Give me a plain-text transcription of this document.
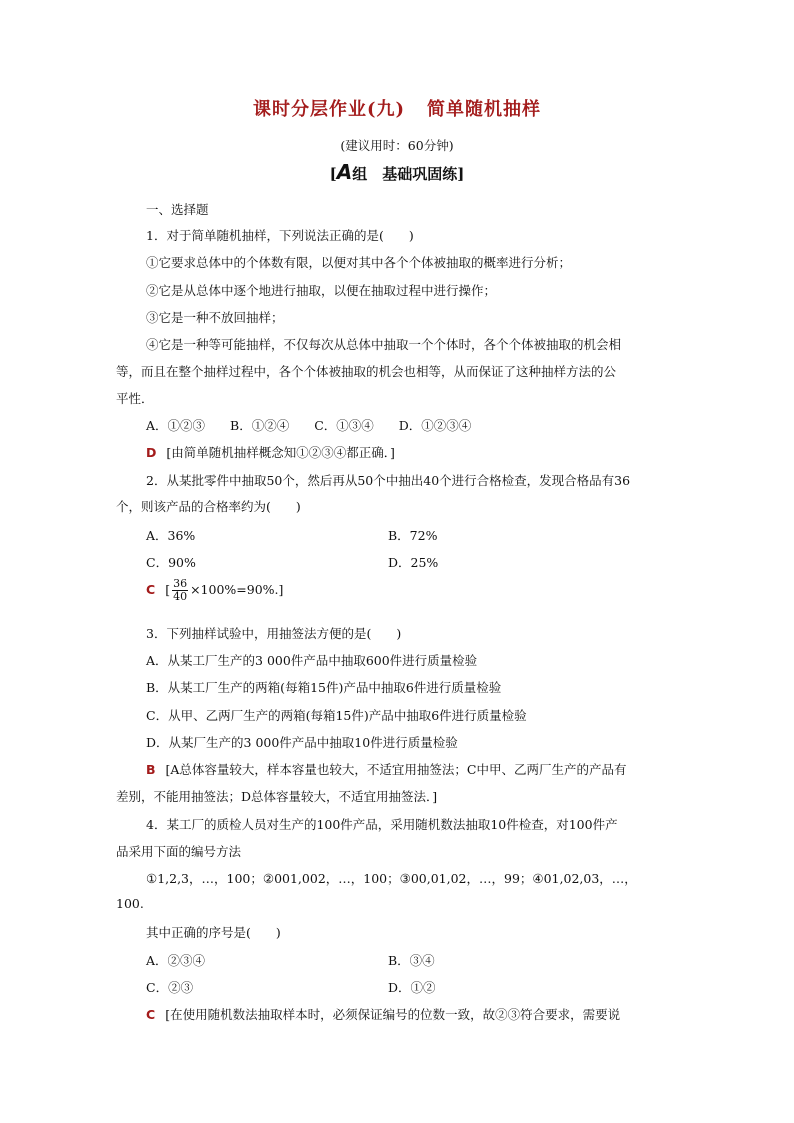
课时分层作业(九) 简单随机抽样
(建议用时：60分钟)
[A组　基础巩固练]
一、选择题
1．对于简单随机抽样，下列说法正确的是(　　)
①它要求总体中的个体数有限，以便对其中各个个体被抽取的概率进行分析；
②它是从总体中逐个地进行抽取，以便在抽取过程中进行操作；
③它是一种不放回抽样；
④它是一种等可能抽样，不仅每次从总体中抽取一个个体时，各个个体被抽取的机会相
等，而且在整个抽样过程中，各个个体被抽取的机会也相等，从而保证了这种抽样方法的公
平性．
A．①②③　　B．①②④　　C．①③④　　D．①②③④
D [由简单随机抽样概念知①②③④都正确．]
2．从某批零件中抽取50个，然后再从50个中抽出40个进行合格检查，发现合格品有36
个，则该产品的合格率约为(　　)
A．36%	B．72%
C．90%	D．25%
C [ $\frac{36}{40} \times 100\%=90\%$.]
3．下列抽样试验中，用抽签法方便的是(　　)
A．从某工厂生产的3 000件产品中抽取600件进行质量检验
B．从某工厂生产的两箱(每箱15件)产品中抽取6件进行质量检验
C．从甲、乙两厂生产的两箱(每箱15件)产品中抽取6件进行质量检验
D．从某厂生产的3 000件产品中抽取10件进行质量检验
B [A总体容量较大，样本容量也较大，不适宜用抽签法；C中甲、乙两厂生产的产品有
差别，不能用抽签法；D总体容量较大，不适宜用抽签法．]
4．某工厂的质检人员对生产的100件产品，采用随机数法抽取10件检查，对100件产
品采用下面的编号方法
①1,2,3，…，100；②001,002，…，100；③00,01,02，…，99；④01,02,03，…，
100.
其中正确的序号是(　　)
A．②③④	B．③④
C．②③	D．①②
C [在使用随机数法抽取样本时，必须保证编号的位数一致，故②③符合要求，需要说
